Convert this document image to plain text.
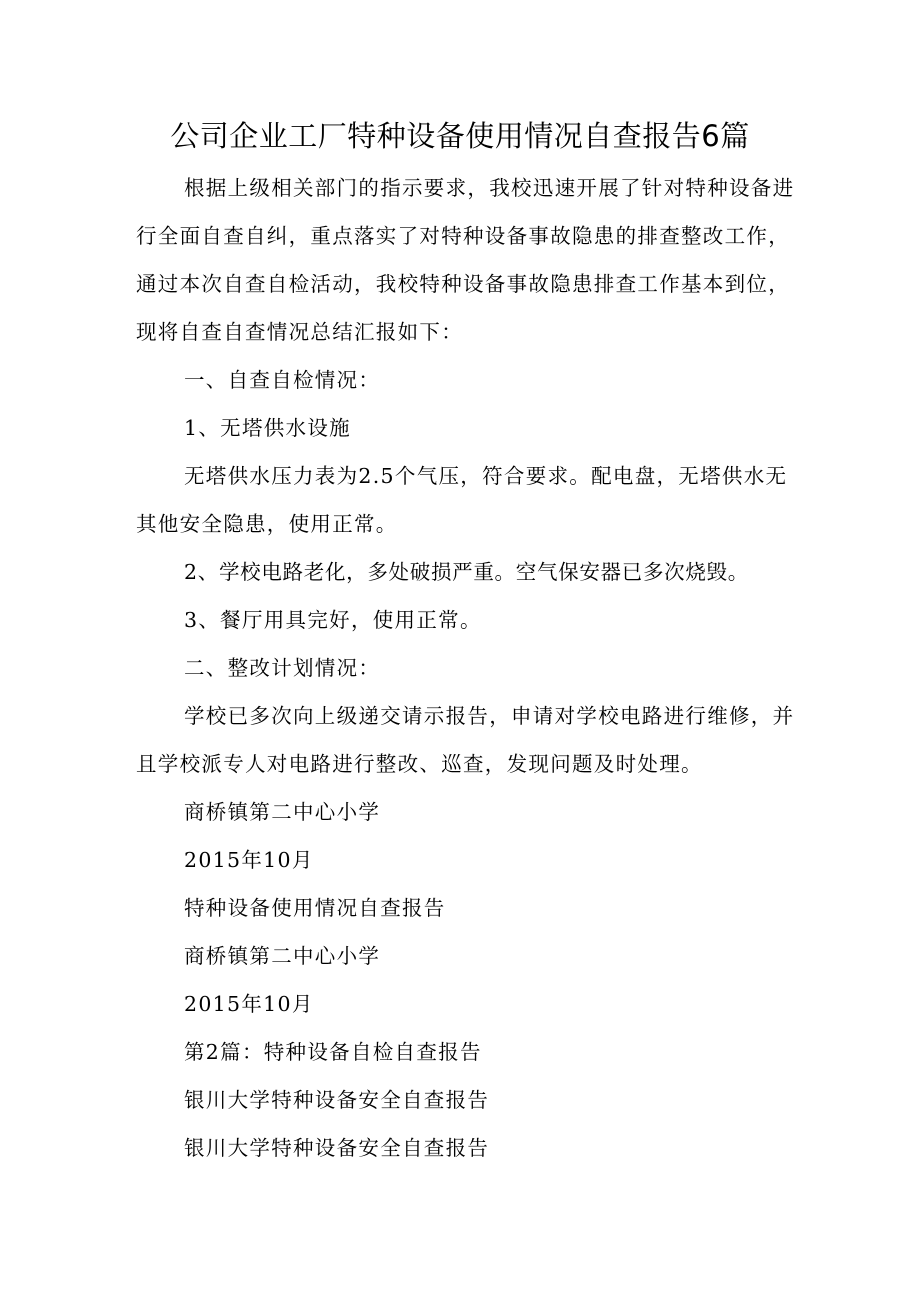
公司企业工厂特种设备使用情况自查报告6篇

根据上级相关部门的指示要求，我校迅速开展了针对特种设备进行全面自查自纠，重点落实了对特种设备事故隐患的排查整改工作，通过本次自查自检活动，我校特种设备事故隐患排查工作基本到位，现将自查自查情况总结汇报如下：

一、自查自检情况：

1、无塔供水设施

无塔供水压力表为2.5个气压，符合要求。配电盘，无塔供水无其他安全隐患，使用正常。

2、学校电路老化，多处破损严重。空气保安器已多次烧毁。

3、餐厅用具完好，使用正常。

二、整改计划情况：

学校已多次向上级递交请示报告，申请对学校电路进行维修，并且学校派专人对电路进行整改、巡查，发现问题及时处理。

商桥镇第二中心小学

2015年10月

特种设备使用情况自查报告

商桥镇第二中心小学

2015年10月

第2篇：特种设备自检自查报告

银川大学特种设备安全自查报告

银川大学特种设备安全自查报告
